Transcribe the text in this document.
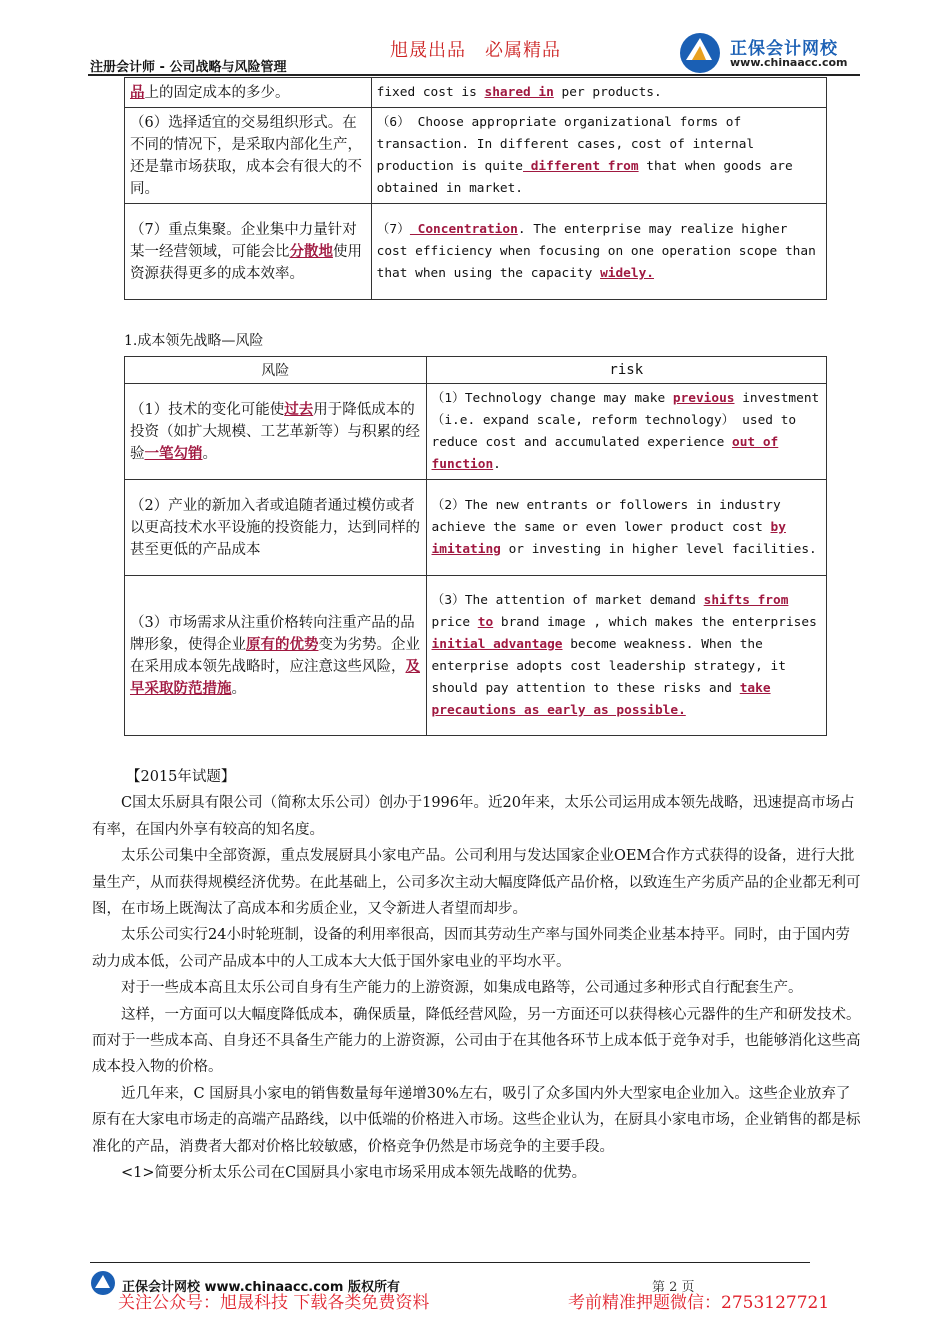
注册会计师 - 公司战略与风险管理
旭晟出品　必属精品	正保会计网校
www.chinaacc.com
品上的固定成本的多少。	fixed cost is shared in per products.
（6）选择适宜的交易组织形式。在不同的情况下，是采取内部化生产，还是靠市场获取，成本会有很大的不同。	（6） Choose appropriate organizational forms of transaction. In different cases, cost of internal production is quite different from that when goods are obtained in market.
（7）重点集聚。企业集中力量针对某一经营领域，可能会比分散地使用资源获得更多的成本效率。	（7） Concentration. The enterprise may realize higher cost efficiency when focusing on one operation scope than that when using the capacity widely.
1.成本领先战略—风险
风险	risk
（1）技术的变化可能使过去用于降低成本的投资（如扩大规模、工艺革新等）与积累的经验一笔勾销。	（1）Technology change may make previous investment （i.e. expand scale, reform technology） used to reduce cost and accumulated experience out of function.
（2）产业的新加入者或追随者通过模仿或者以更高技术水平设施的投资能力，达到同样的甚至更低的产品成本	（2）The new entrants or followers in industry achieve the same or even lower product cost by imitating or investing in higher level facilities.
（3）市场需求从注重价格转向注重产品的品牌形象，使得企业原有的优势变为劣势。企业在采用成本领先战略时，应注意这些风险，及早采取防范措施。	（3）The attention of market demand shifts from price to brand image , which makes the enterprises initial advantage become weakness. When the enterprise adopts cost leadership strategy, it should pay attention to these risks and take precautions as early as possible.

【2015年试题】

C国太乐厨具有限公司（简称太乐公司）创办于1996年。近20年来，太乐公司运用成本领先战略，迅速提高市场占有率，在国内外享有较高的知名度。

太乐公司集中全部资源，重点发展厨具小家电产品。公司利用与发达国家企业OEM合作方式获得的设备，进行大批量生产，从而获得规模经济优势。在此基础上，公司多次主动大幅度降低产品价格，以致连生产劣质产品的企业都无利可图，在市场上既淘汰了高成本和劣质企业，又令新进人者望而却步。

太乐公司实行24小时轮班制，设备的利用率很高，因而其劳动生产率与国外同类企业基本持平。同时，由于国内劳动力成本低，公司产品成本中的人工成本大大低于国外家电业的平均水平。

对于一些成本高且太乐公司自身有生产能力的上游资源，如集成电路等，公司通过多种形式自行配套生产。

这样，一方面可以大幅度降低成本，确保质量，降低经营风险，另一方面还可以获得核心元器件的生产和研发技术。而对于一些成本高、自身还不具备生产能力的上游资源，公司由于在其他各环节上成本低于竞争对手，也能够消化这些高成本投入物的价格。

近几年来，C 国厨具小家电的销售数量每年递增30%左右，吸引了众多国内外大型家电企业加入。这些企业放弃了原有在大家电市场走的高端产品路线，以中低端的价格进入市场。这些企业认为，在厨具小家电市场，企业销售的都是标准化的产品，消费者大都对价格比较敏感，价格竞争仍然是市场竞争的主要手段。

<1>简要分析太乐公司在C国厨具小家电市场采用成本领先战略的优势。

正保会计网校 www.chinaacc.com 版权所有	第 2 页
关注公众号：旭晟科技 下载各类免费资料	考前精准押题微信：2753127721
